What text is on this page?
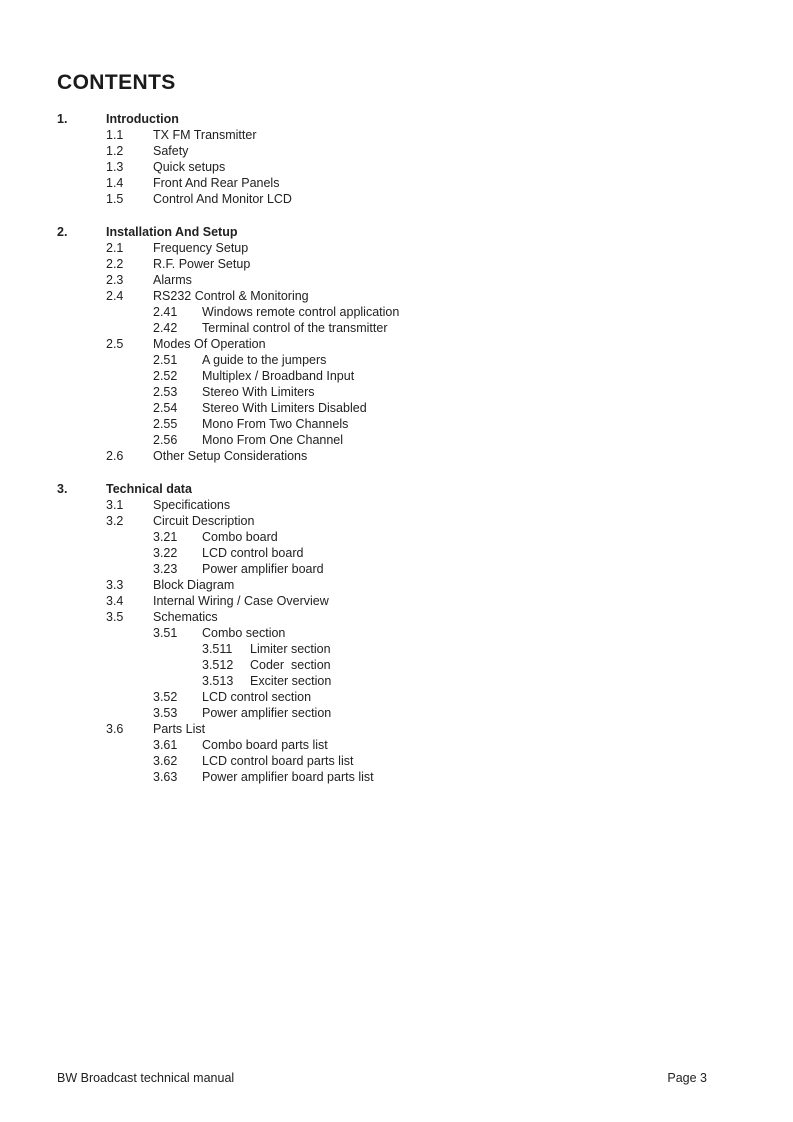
CONTENTS
1.	Introduction
1.1	TX FM Transmitter
1.2	Safety
1.3	Quick setups
1.4	Front And Rear Panels
1.5	Control And Monitor LCD
2.	Installation And Setup
2.1	Frequency Setup
2.2	R.F. Power Setup
2.3	Alarms
2.4	RS232 Control & Monitoring
2.41	Windows remote control application
2.42	Terminal control of the transmitter
2.5	Modes Of Operation
2.51	A guide to the jumpers
2.52	Multiplex / Broadband Input
2.53	Stereo With Limiters
2.54	Stereo With Limiters Disabled
2.55	Mono From Two Channels
2.56	Mono From One Channel
2.6	Other Setup Considerations
3.	Technical data
3.1	Specifications
3.2	Circuit Description
3.21	Combo board
3.22	LCD control board
3.23	Power amplifier board
3.3	Block Diagram
3.4	Internal Wiring / Case Overview
3.5	Schematics
3.51	Combo section
3.511	Limiter section
3.512	Coder  section
3.513	Exciter section
3.52	LCD control section
3.53	Power amplifier section
3.6	Parts List
3.61	Combo board parts list
3.62	LCD control board parts list
3.63	Power amplifier board parts list
BW Broadcast technical manual	Page 3
